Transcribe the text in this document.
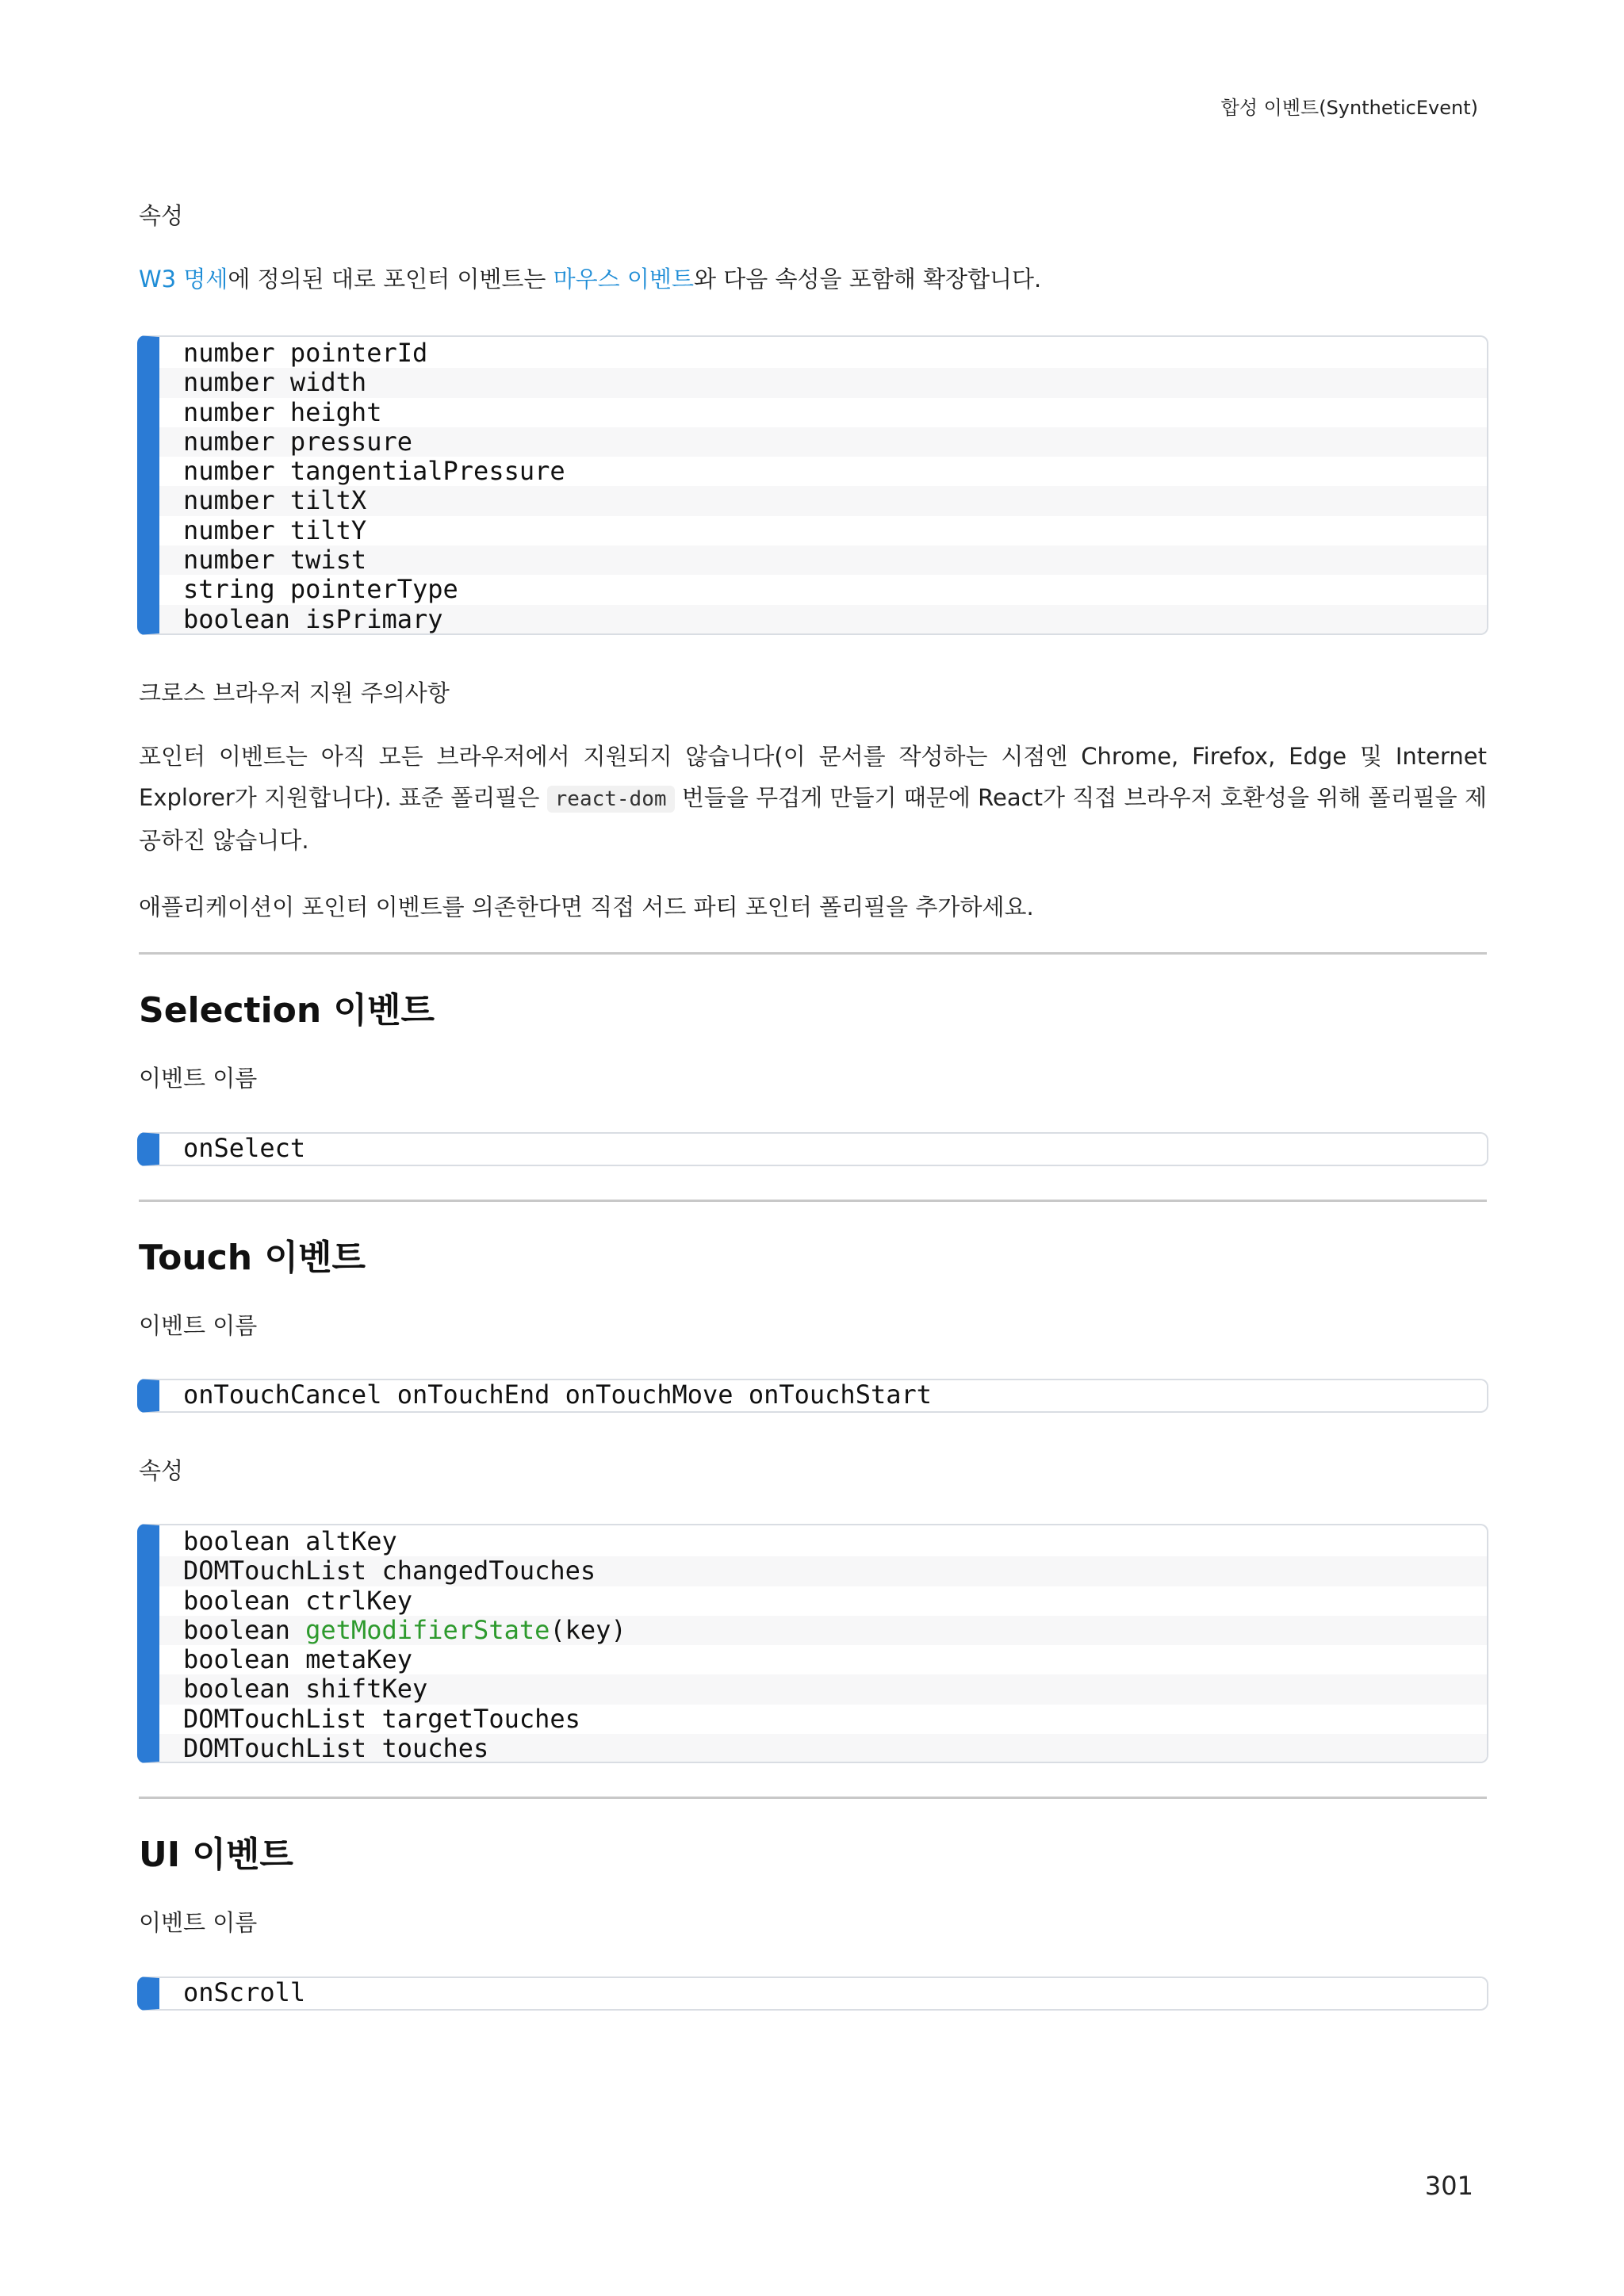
합성 이벤트(SyntheticEvent)
속성
W3 명세에 정의된 대로 포인터 이벤트는 마우스 이벤트와 다음 속성을 포함해 확장합니다.
number pointerId
number width
number height
number pressure
number tangentialPressure
number tiltX
number tiltY
number twist
string pointerType
boolean isPrimary
크로스 브라우저 지원 주의사항
포인터 이벤트는 아직 모든 브라우저에서 지원되지 않습니다(이 문서를 작성하는 시점엔 Chrome, Firefox, Edge 및 Internet Explorer가 지원합니다). 표준 폴리필은 react-dom 번들을 무겁게 만들기 때문에 React가 직접 브라우저 호환성을 위해 폴리필을 제공하진 않습니다.
애플리케이션이 포인터 이벤트를 의존한다면 직접 서드 파티 포인터 폴리필을 추가하세요.
Selection 이벤트
이벤트 이름
onSelect
Touch 이벤트
이벤트 이름
onTouchCancel onTouchEnd onTouchMove onTouchStart
속성
boolean altKey
DOMTouchList changedTouches
boolean ctrlKey
boolean getModifierState(key)
boolean metaKey
boolean shiftKey
DOMTouchList targetTouches
DOMTouchList touches
UI 이벤트
이벤트 이름
onScroll
301
